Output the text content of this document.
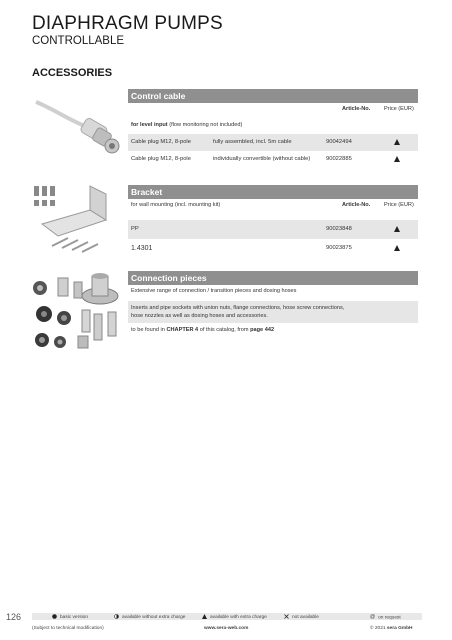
DIAPHRAGM PUMPS
CONTROLLABLE
ACCESSORIES
Control cable
Article-No. Price (EUR)
for level input (flow monitoring not included)
Cable plug M12, 8-pole	fully assembled, incl. 5m cable	90042494
Cable plug M12, 8-pole	individually convertible (without cable)	90022885
Bracket
for wall mounting (incl. mounting kit)	Article-No. Price (EUR)
PP	90023848
1.4301	90023875
Connection pieces
Extensive range of connection / transition pieces and dosing hoses
Inserts and pipe sockets with union nuts, flange connections, hose screw connections,
hose nozzles as well as dosing hoses and accessories.
to be found in CHAPTER 4 of this catalog, from page 442
126	basic version	available without extra charge	available with extra charge	not available	@ on request
(Subject to technical modification)	www.sera-web.com	© 2021 sera GmbH
